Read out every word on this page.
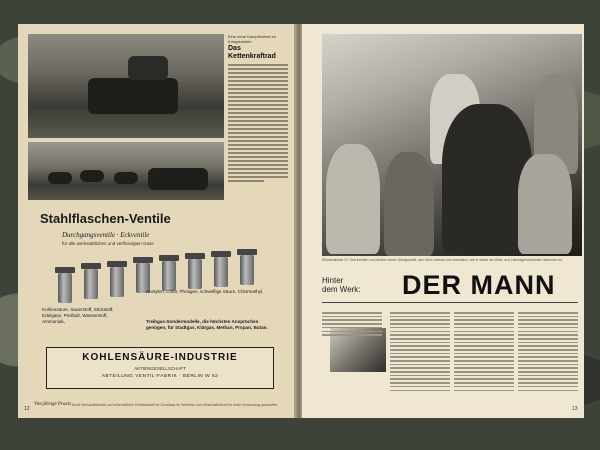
Eine neue Kampfeinheit im Kriegsbetrieb

Das Kettenkraftrad

Stahlflaschen-Ventile

Durchgangsventile · Eckventile
für alle werkstattlichen und verflüssigten Gase
Kohlensäure, Sauerstoff, Stickstoff, Edelgase, Preßluft, Wasserstoff, Ammoniak,
Acetylen, Chlor, Phosgen, schweflige Säure, Chlormethyl,
Treibgas-Sondermodelle, die höchsten Ansprüchen genügen, für Stadtgas, Klärgas, Methan, Propan, Butan.
KOHLENSÄURE-INDUSTRIE
AKTIENGESELLSCHAFT
ABTEILUNG VENTIL-FABRIK · BERLIN W 62
12
Vierjährige Praxis Beide Wirtschaftlichkeit und wirtschaftliche Einheitsarbeit im Grundsatz für Betrieben und Wirtschaftlichkeit für beste Verwendung geschaffen
Reichsminister Dr. Todt inmitten von Kindern seiner Gefolgschaft, dem Werk vertraut und verbunden, wie er selbst der Werk- und Lebensgemeinschaft verbunden ist.
Hinter
dem Werk:	DER MANN

13
